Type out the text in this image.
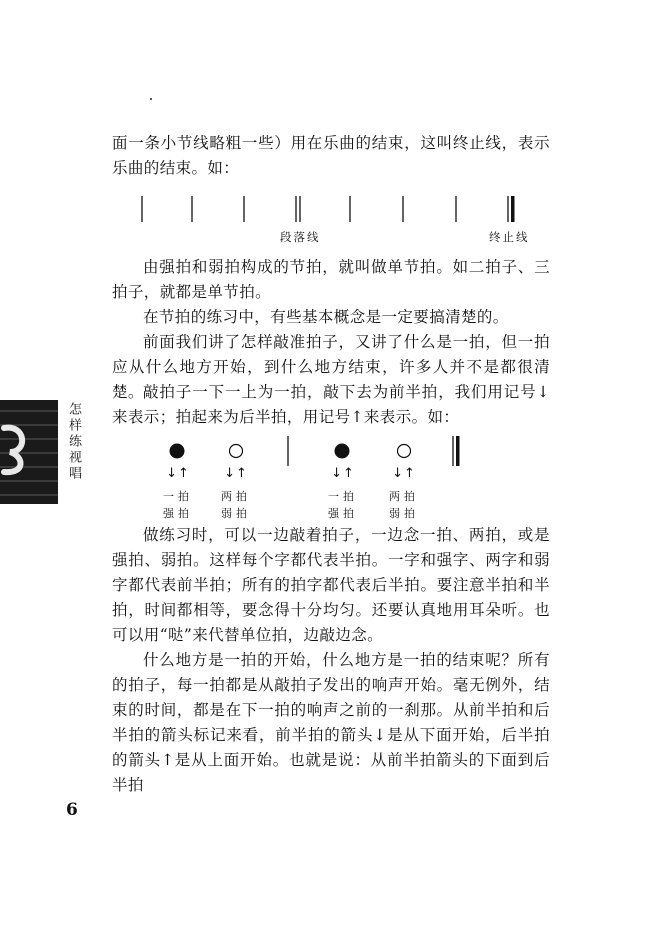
面一条小节线略粗一些）用在乐曲的结束，这叫终止线，表示乐曲的结束。如：

段落线	终止线

由强拍和弱拍构成的节拍，就叫做单节拍。如二拍子、三拍子，就都是单节拍。

在节拍的练习中，有些基本概念是一定要搞清楚的。

前面我们讲了怎样敲准拍子，又讲了什么是一拍，但一拍应从什么地方开始，到什么地方结束，许多人并不是都很清楚。 敲拍子一下一上为一拍，敲下去为前半拍，我们用记号↓来表示；拍起来为后半拍，用记号↑来表示。如：

↓↑	↓↑	↓↑	↓↑
一拍	两拍	一拍	两拍
强拍	弱拍	强拍	弱拍

做练习时，可以一边敲着拍子，一边念一拍、两拍，或是强拍、弱拍。这样每个字都代表半拍。一字和强字、两字和弱字都代表前半拍；所有的拍字都代表后半拍。要注意半拍和半拍，时间都相等，要念得十分均匀。还要认真地用耳朵听。也可以用“哒”来代替单位拍，边敲边念。

什么地方是一拍的开始，什么地方是一拍的结束呢？所有的拍子，每一拍都是从敲拍子发出的响声开始。毫无例外，结束的时间，都是在下一拍的响声之前的一刹那。从前半拍和后半拍的箭头标记来看，前半拍的箭头↓是从下面开始，后半拍的箭头↑是从上面开始。也就是说：从前半拍箭头的下面到后半拍

怎样练视唱
6
